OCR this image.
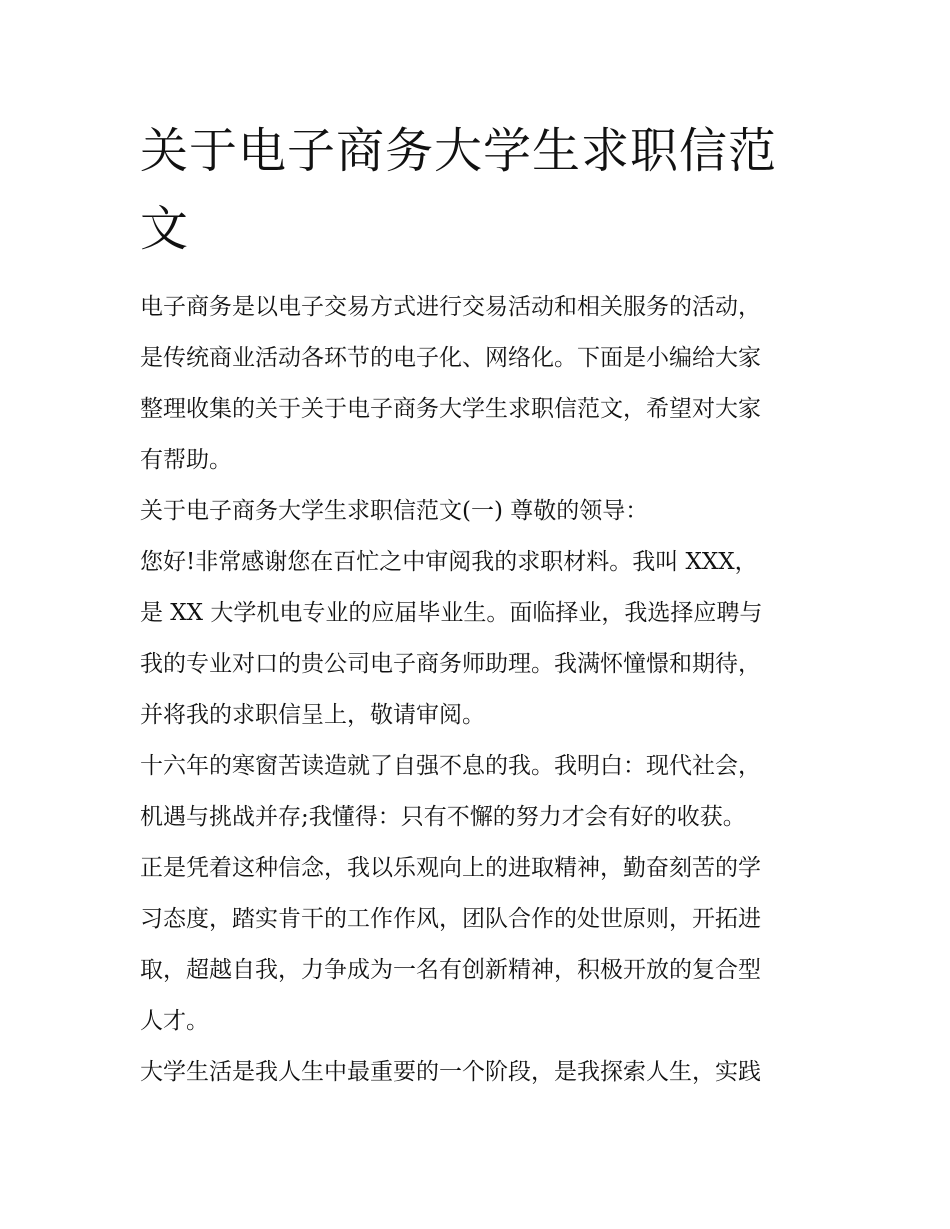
关于电子商务大学生求职信范
文

电子商务是以电子交易方式进行交易活动和相关服务的活动，
是传统商业活动各环节的电子化、网络化。下面是小编给大家
整理收集的关于关于电子商务大学生求职信范文，希望对大家
有帮助。

关于电子商务大学生求职信范文(一) 尊敬的领导：

您好!非常感谢您在百忙之中审阅我的求职材料。我叫 XXX，
是 XX 大学机电专业的应届毕业生。面临择业，我选择应聘与
我的专业对口的贵公司电子商务师助理。我满怀憧憬和期待，
并将我的求职信呈上，敬请审阅。

十六年的寒窗苦读造就了自强不息的我。我明白：现代社会，
机遇与挑战并存;我懂得：只有不懈的努力才会有好的收获。
正是凭着这种信念，我以乐观向上的进取精神，勤奋刻苦的学
习态度，踏实肯干的工作作风，团队合作的处世原则，开拓进
取，超越自我，力争成为一名有创新精神，积极开放的复合型
人才。

大学生活是我人生中最重要的一个阶段，是我探索人生，实践
